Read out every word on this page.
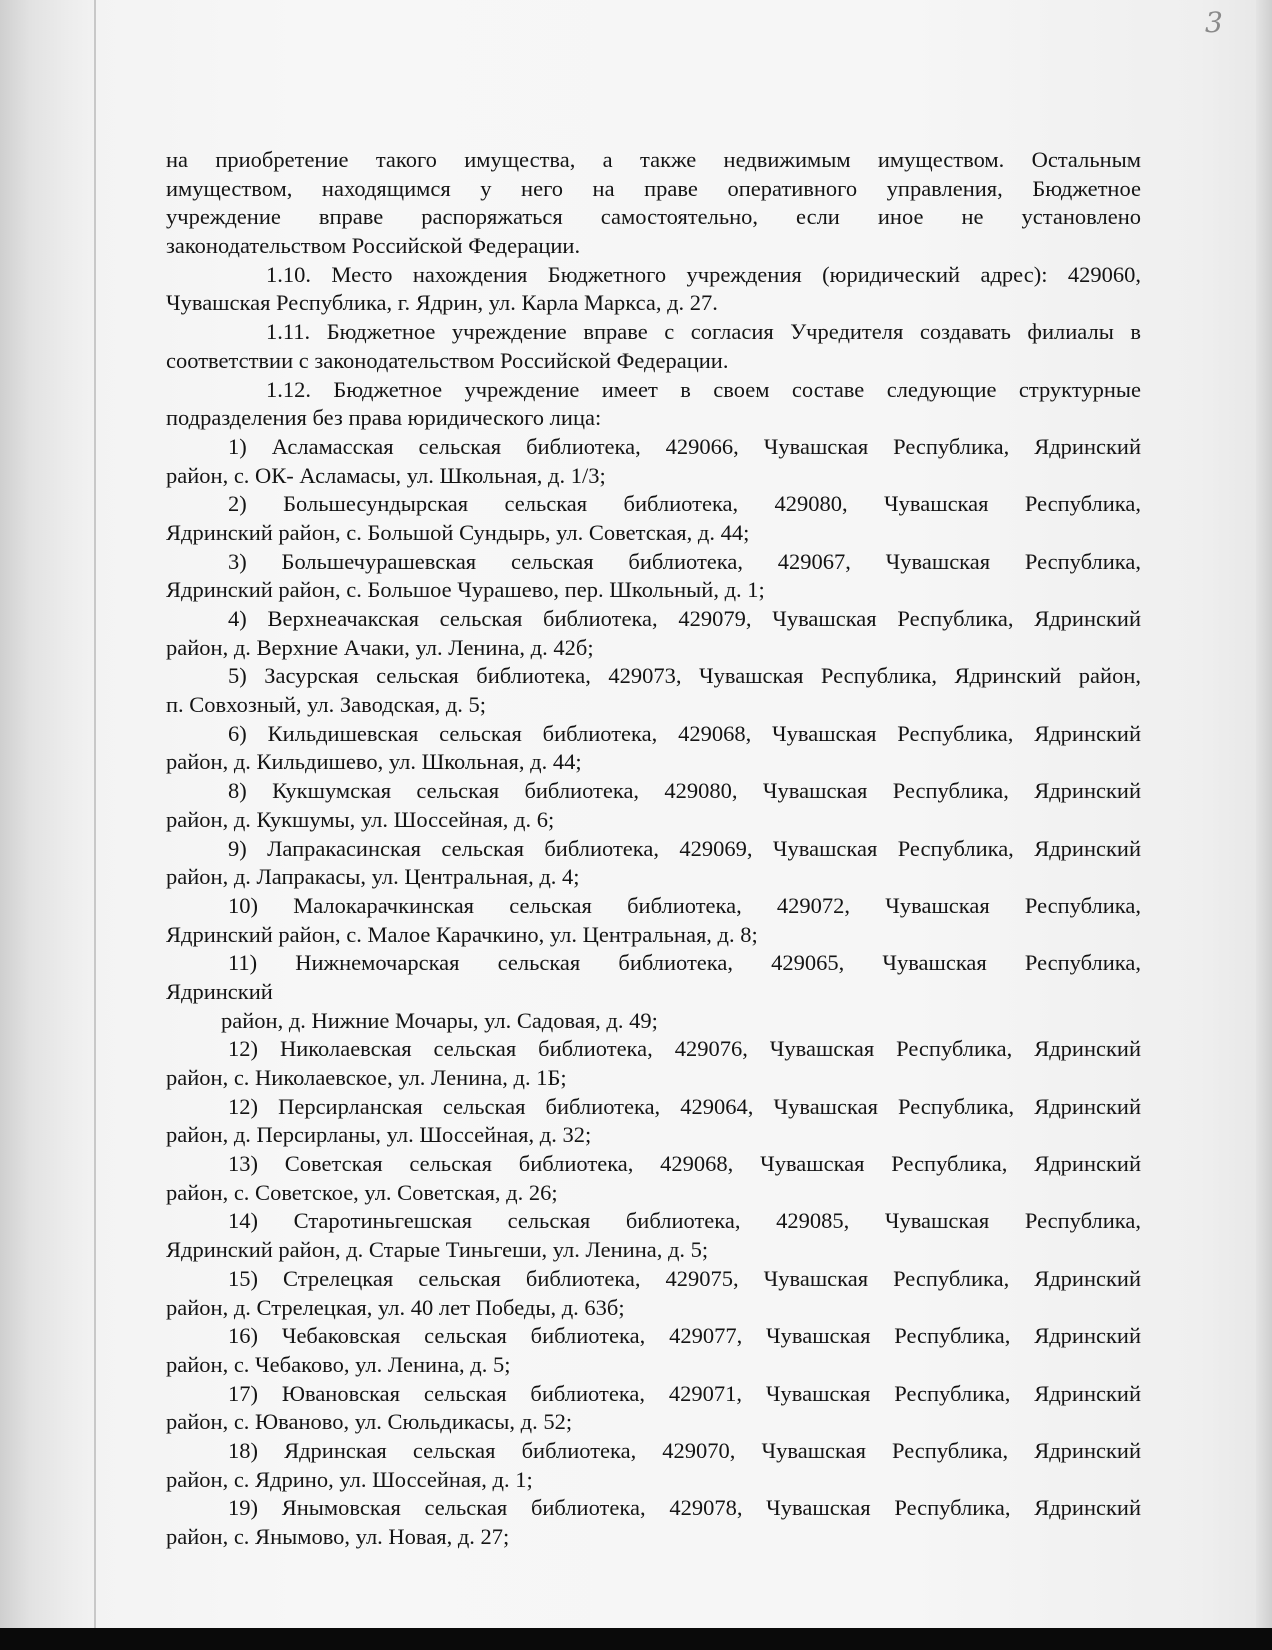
3
на приобретение такого имущества, а также недвижимым имуществом. Остальным
имуществом, находящимся у него на праве оперативного управления, Бюджетное
учреждение вправе распоряжаться самостоятельно, если иное не установлено
законодательством Российской Федерации.
1.10. Место нахождения Бюджетного учреждения (юридический адрес): 429060,
Чувашская Республика, г. Ядрин, ул. Карла Маркса, д. 27.
1.11. Бюджетное учреждение вправе с согласия Учредителя создавать филиалы в
соответствии с законодательством Российской Федерации.
1.12. Бюджетное учреждение имеет в своем составе следующие структурные
подразделения без права юридического лица:
1) Асламасская сельская библиотека, 429066, Чувашская Республика, Ядринский
район, с. ОК- Асламасы, ул. Школьная, д. 1/3;
2) Большесундырская сельская библиотека, 429080, Чувашская Республика,
Ядринский район, с. Большой Сундырь, ул. Советская, д. 44;
3) Большечурашевская сельская библиотека, 429067, Чувашская Республика,
Ядринский район, с. Большое Чурашево, пер. Школьный, д. 1;
4) Верхнеачакская сельская библиотека, 429079, Чувашская Республика, Ядринский
район, д. Верхние Ачаки, ул. Ленина, д. 42б;
5) Засурская сельская библиотека, 429073, Чувашская Республика, Ядринский район,
п. Совхозный, ул. Заводская, д. 5;
6) Кильдишевская сельская библиотека, 429068, Чувашская Республика, Ядринский
район, д. Кильдишево, ул. Школьная, д. 44;
8) Кукшумская сельская библиотека, 429080, Чувашская Республика, Ядринский
район, д. Кукшумы, ул. Шоссейная, д. 6;
9) Лапракасинская сельская библиотека, 429069, Чувашская Республика, Ядринский
район, д. Лапракасы, ул. Центральная, д. 4;
10) Малокарачкинская сельская библиотека, 429072, Чувашская Республика,
Ядринский район, с. Малое Карачкино, ул. Центральная, д. 8;
11) Нижнемочарская сельская библиотека, 429065, Чувашская Республика,
Ядринский
район, д. Нижние Мочары, ул. Садовая, д. 49;
12) Николаевская сельская библиотека, 429076, Чувашская Республика, Ядринский
район, с. Николаевское, ул. Ленина, д. 1Б;
12) Персирланская сельская библиотека, 429064, Чувашская Республика, Ядринский
район, д. Персирланы, ул. Шоссейная, д. 32;
13) Советская сельская библиотека, 429068, Чувашская Республика, Ядринский
район, с. Советское, ул. Советская, д. 26;
14) Старотиньгешская сельская библиотека, 429085, Чувашская Республика,
Ядринский район, д. Старые Тиньгеши, ул. Ленина, д. 5;
15) Стрелецкая сельская библиотека, 429075, Чувашская Республика, Ядринский
район, д. Стрелецкая, ул. 40 лет Победы, д. 63б;
16) Чебаковская сельская библиотека, 429077, Чувашская Республика, Ядринский
район, с. Чебаково, ул. Ленина, д. 5;
17) Ювановская сельская библиотека, 429071, Чувашская Республика, Ядринский
район, с. Юваново, ул. Сюльдикасы, д. 52;
18) Ядринская сельская библиотека, 429070, Чувашская Республика, Ядринский
район, с. Ядрино, ул. Шоссейная, д. 1;
19) Янымовская сельская библиотека, 429078, Чувашская Республика, Ядринский
район, с. Янымово, ул. Новая, д. 27;
